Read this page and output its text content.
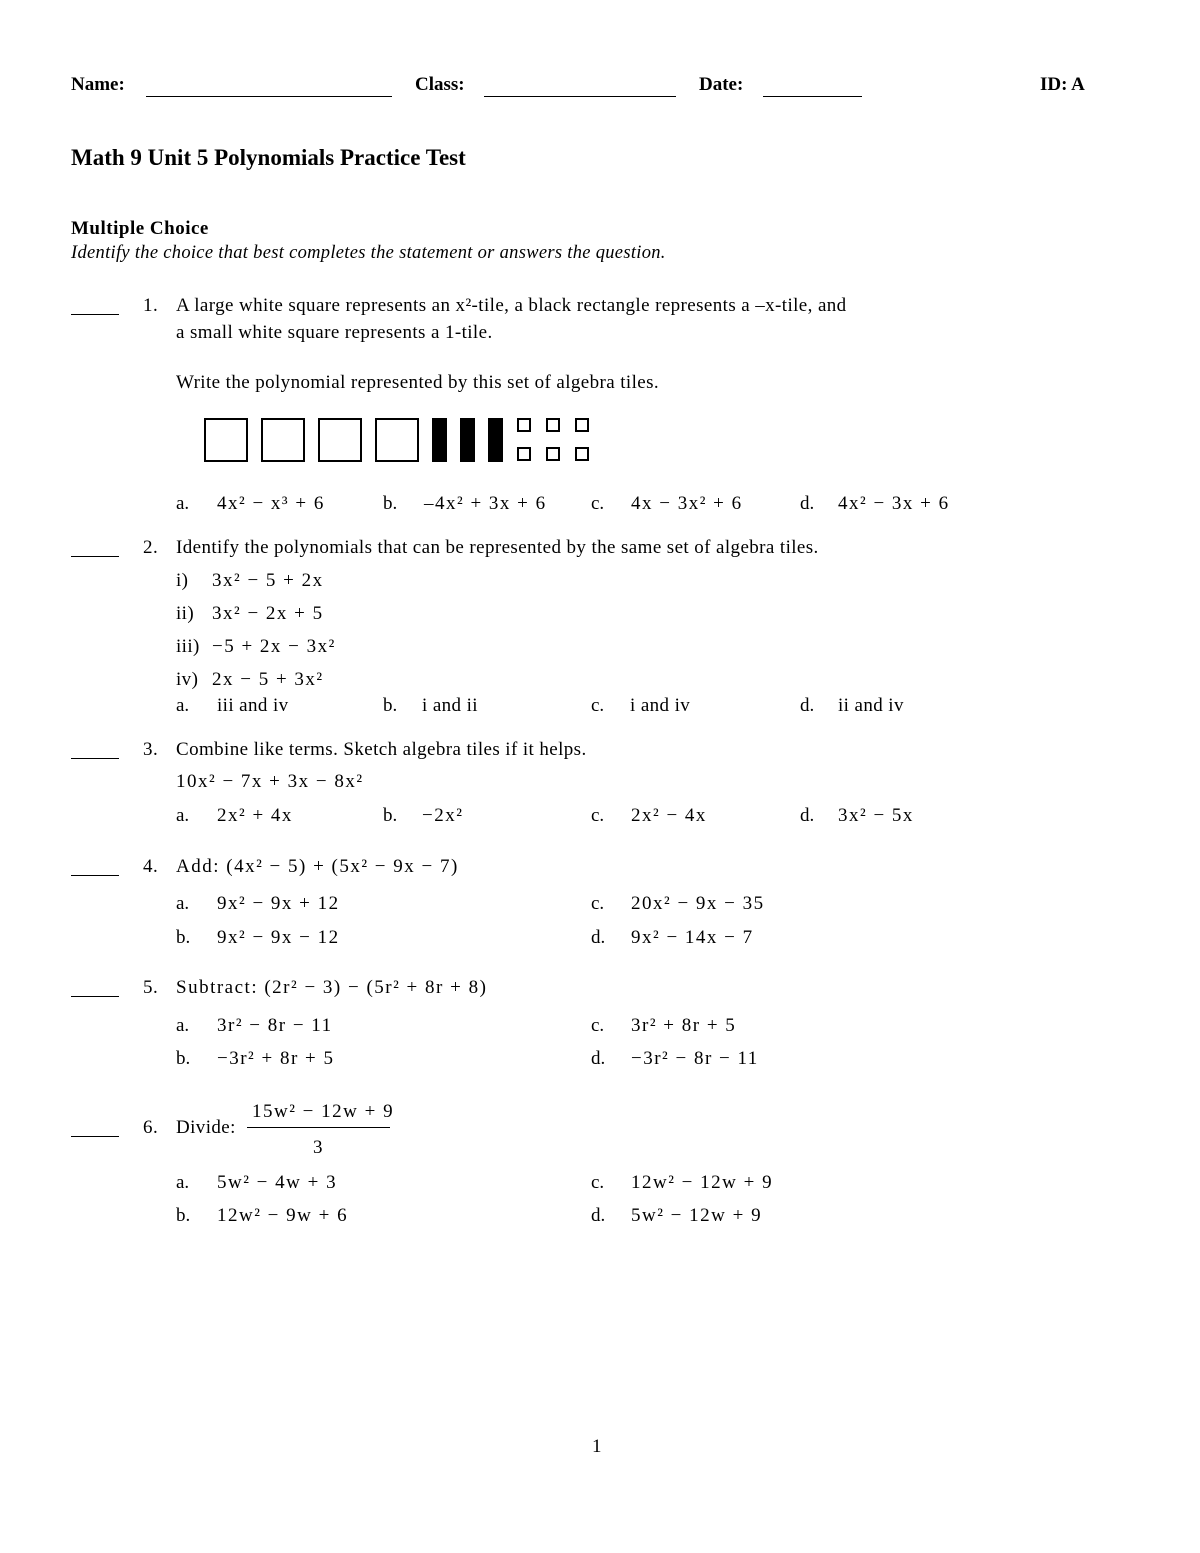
Name:	Class:	Date:	ID: A
Math 9 Unit 5 Polynomials Practice Test
Multiple Choice
Identify the choice that best completes the statement or answers the question.
1. A large white square represents an x²-tile, a black rectangle represents a –x-tile, and
a small white square represents a 1-tile.
Write the polynomial represented by this set of algebra tiles.
a. 4x² − x³ + 6	b. –4x² + 3x + 6 c. 4x − 3x² + 6	d. 4x² − 3x + 6
2. Identify the polynomials that can be represented by the same set of algebra tiles.
i) 3x² − 5 + 2x
ii) 3x² − 2x + 5
iii) −5 + 2x − 3x²
iv) 2x − 5 + 3x²
a. iii and iv	b. i and ii	c. i and iv	d. ii and iv
3. Combine like terms. Sketch algebra tiles if it helps.
10x² − 7x + 3x − 8x²
a. 2x² + 4x	b. −2x²	c. 2x² − 4x	d. 3x² − 5x
4. Add: (4x² − 5) + (5x² − 9x − 7)
a. 9x² − 9x + 12
b. 9x² − 9x − 12
c. 20x² − 9x − 35
d. 9x² − 14x − 7
5. Subtract: (2r² − 3) − (5r² + 8r + 8)
a. 3r² − 8r − 11
b. −3r² + 8r + 5
c. 3r² + 8r + 5
d. −3r² − 8r − 11
6. Divide:
15w² − 12w + 9
3
a. 5w² − 4w + 3
b. 12w² − 9w + 6
c. 12w² − 12w + 9
d. 5w² − 12w + 9
1
